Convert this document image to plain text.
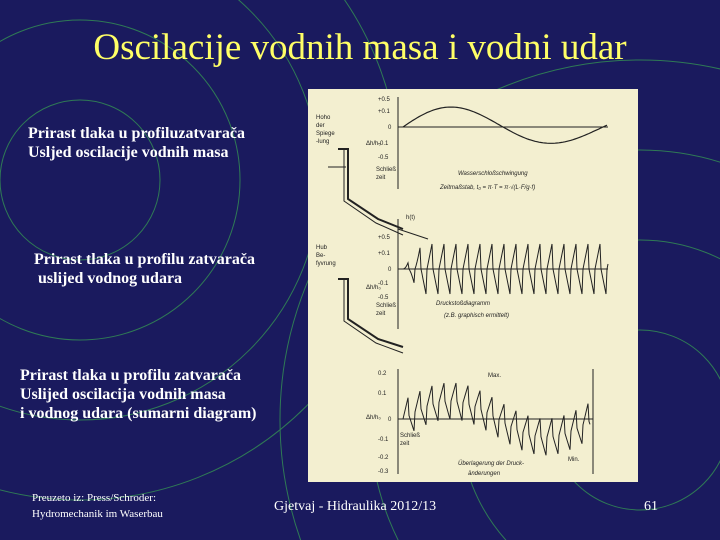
Oscilacije vodnih masa i vodni udar
Prirast tlaka u profiluzatvarača
Uslјed oscilacije vodnih masa
Prirast tlaka u profilu zatvarača
uslijed vodnog udara
Prirast tlaka u profilu zatvarača
Uslijed oscilacija vodnih masa
i vodnog udara (sumarni diagram)
Hoho
der
Spiege
-lung
+0.5
+0.1
0
-0.1
-0.5
Δh/h₀
Schließ
zeit
Wasserschloßschwingung
Zeitmaßstab, t₀ = π·T = π·√(L·F/g·f)
Hub
Be-
fyvrung
+0.5
+0.1
0
-0.1
-0.5
Δh/h₀
Schließ
zeit
h(t)
Druckstoßdiagramm
(z.B. graphisch ermittelt)
0.2
0.1
0
-0.1
-0.2
-0.3
Δh/h₀
Max.
Min.
Schließ
zeit
Überlagerung der Druck-
änderungen
Preuzeto iz: Press/Schroder:
Hydromechanik im Waserbau	Gjetvaj - Hidraulika 2012/13	61
